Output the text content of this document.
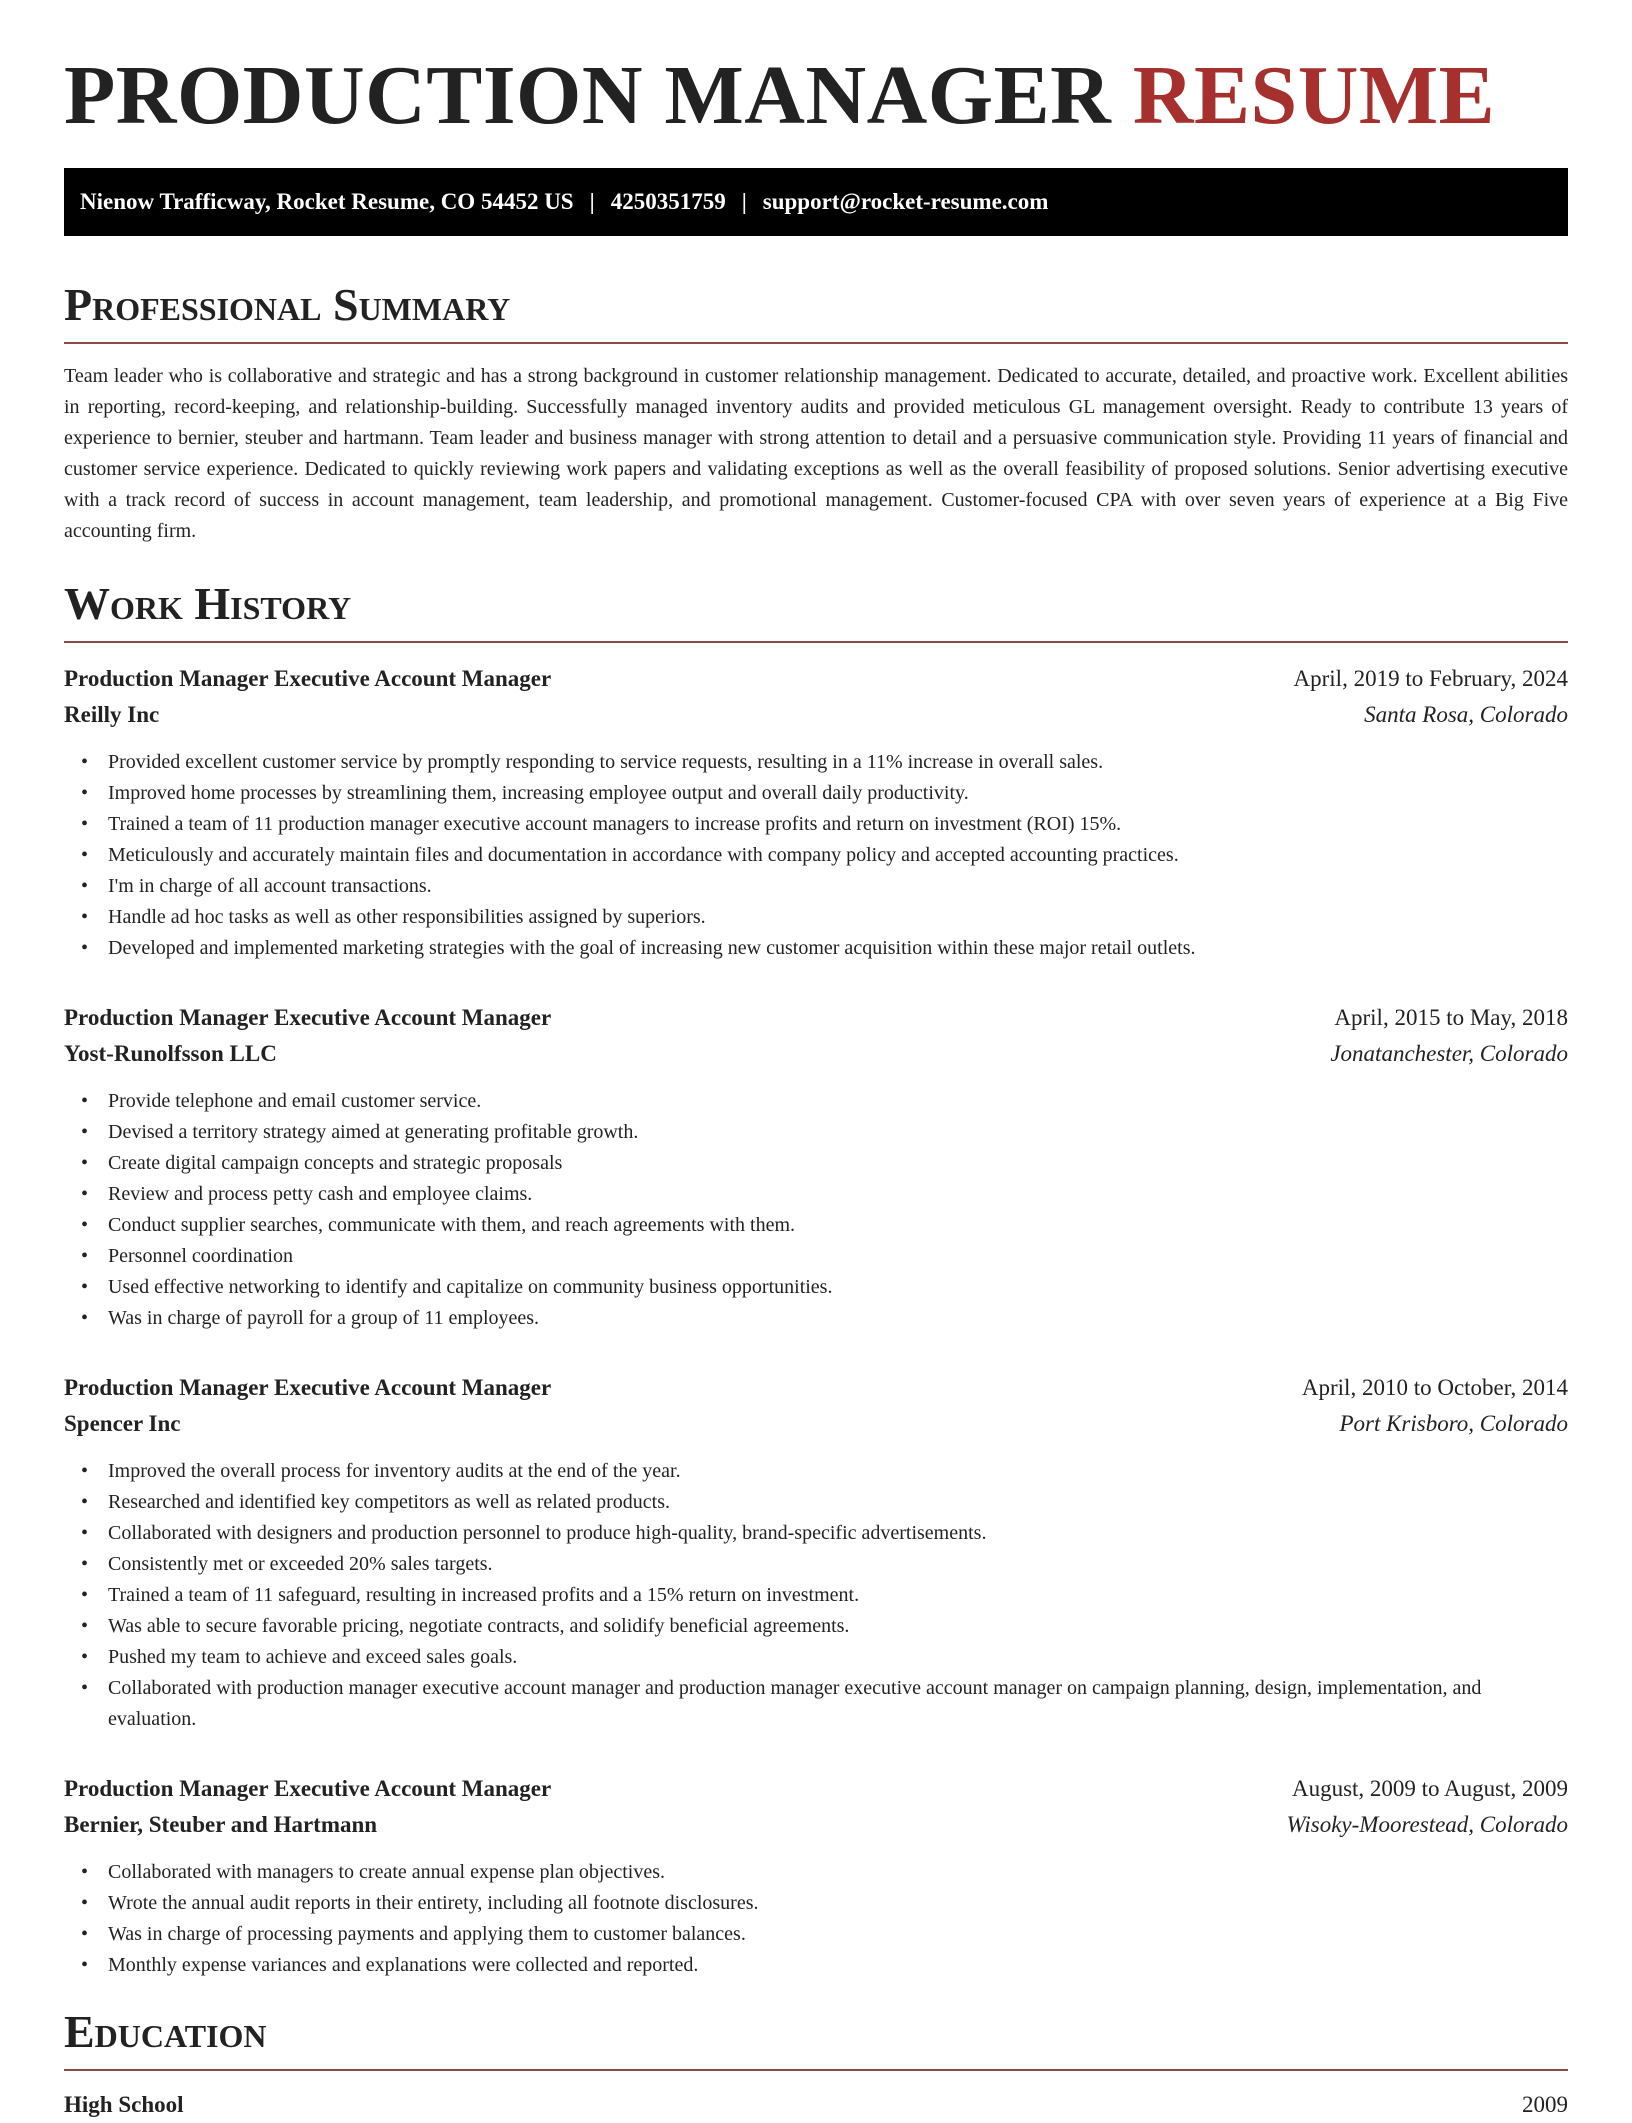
PRODUCTION MANAGER RESUME
Nienow Trafficway, Rocket Resume, CO 54452 US | 4250351759 | support@rocket-resume.com
Professional Summary

Team leader who is collaborative and strategic and has a strong background in customer relationship management. Dedicated to accurate, detailed, and proactive work. Excellent abilities in reporting, record-keeping, and relationship-building. Successfully managed inventory audits and provided meticulous GL management oversight. Ready to contribute 13 years of experience to bernier, steuber and hartmann. Team leader and business manager with strong attention to detail and a persuasive communication style. Providing 11 years of financial and customer service experience. Dedicated to quickly reviewing work papers and validating exceptions as well as the overall feasibility of proposed solutions. Senior advertising executive with a track record of success in account management, team leadership, and promotional management. Customer-focused CPA with over seven years of experience at a Big Five accounting firm.

Work History
Production Manager Executive Account Manager	April, 2019 to February, 2024
Reilly Inc	Santa Rosa, Colorado
• Provided excellent customer service by promptly responding to service requests, resulting in a 11% increase in overall sales.
• Improved home processes by streamlining them, increasing employee output and overall daily productivity.
• Trained a team of 11 production manager executive account managers to increase profits and return on investment (ROI) 15%.
• Meticulously and accurately maintain files and documentation in accordance with company policy and accepted accounting practices.
• I'm in charge of all account transactions.
• Handle ad hoc tasks as well as other responsibilities assigned by superiors.
• Developed and implemented marketing strategies with the goal of increasing new customer acquisition within these major retail outlets.
Production Manager Executive Account Manager	April, 2015 to May, 2018
Yost-Runolfsson LLC	Jonatanchester, Colorado
• Provide telephone and email customer service.
• Devised a territory strategy aimed at generating profitable growth.
• Create digital campaign concepts and strategic proposals
• Review and process petty cash and employee claims.
• Conduct supplier searches, communicate with them, and reach agreements with them.
• Personnel coordination
• Used effective networking to identify and capitalize on community business opportunities.
• Was in charge of payroll for a group of 11 employees.
Production Manager Executive Account Manager	April, 2010 to October, 2014
Spencer Inc	Port Krisboro, Colorado
• Improved the overall process for inventory audits at the end of the year.
• Researched and identified key competitors as well as related products.
• Collaborated with designers and production personnel to produce high-quality, brand-specific advertisements.
• Consistently met or exceeded 20% sales targets.
• Trained a team of 11 safeguard, resulting in increased profits and a 15% return on investment.
• Was able to secure favorable pricing, negotiate contracts, and solidify beneficial agreements.
• Pushed my team to achieve and exceed sales goals.
• Collaborated with production manager executive account manager and production manager executive account manager on campaign planning, design, implementation, and evaluation.
Production Manager Executive Account Manager	August, 2009 to August, 2009
Bernier, Steuber and Hartmann	Wisoky-Moorestead, Colorado
• Collaborated with managers to create annual expense plan objectives.
• Wrote the annual audit reports in their entirety, including all footnote disclosures.
• Was in charge of processing payments and applying them to customer balances.
• Monthly expense variances and explanations were collected and reported.
Education
High School	2009
